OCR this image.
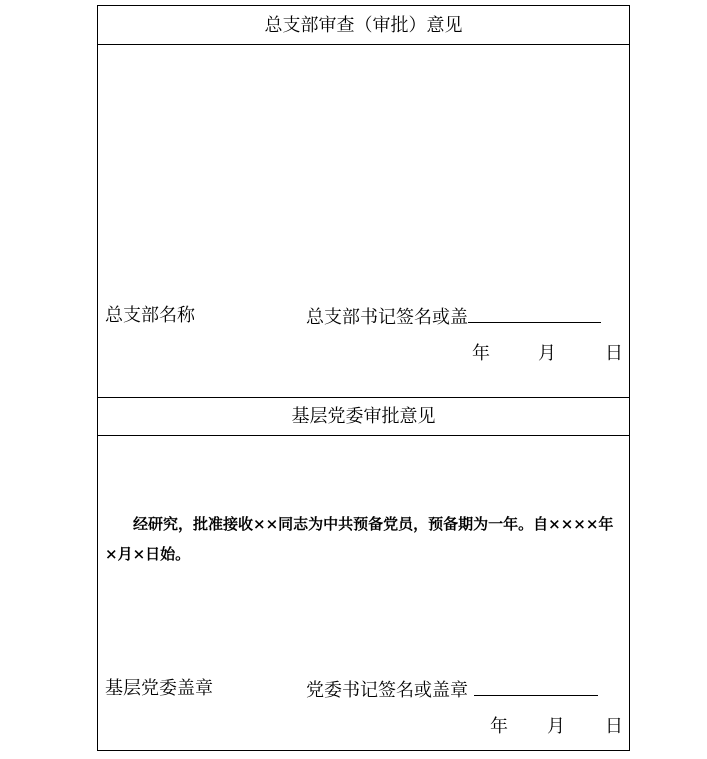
总支部审查（审批）意见
总支部名称	总支部书记签名或盖
年	月	日
基层党委审批意见
经研究，批准接收××同志为中共预备党员，预备期为一年。自××××年×月×日始。
基层党委盖章	党委书记签名或盖章
年 月 日
